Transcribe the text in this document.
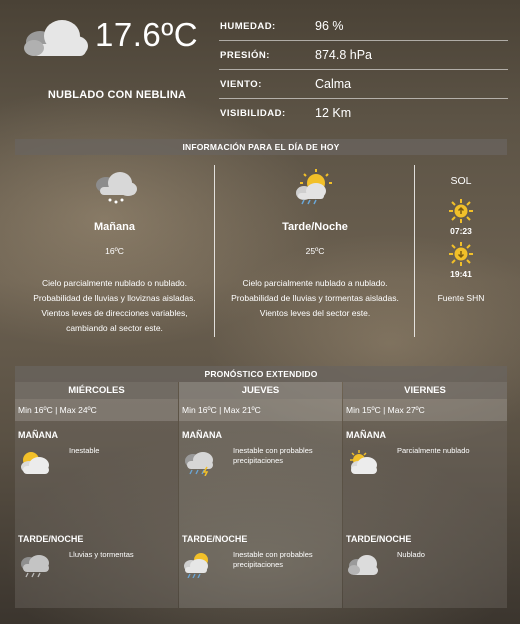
17.6ºC
NUBLADO CON NEBLINA
HUMEDAD:	96 %
PRESIÓN:	874.8 hPa
VIENTO:	Calma
VISIBILIDAD:	12 Km
INFORMACIÓN PARA EL DÍA DE HOY
Mañana
16ºC
Cielo parcialmente nublado o nublado. Probabilidad de lluvias y lloviznas aisladas. Vientos leves de direcciones variables, cambiando al sector este.
Tarde/Noche
25ºC
Cielo parcialmente nublado a nublado. Probabilidad de lluvias y tormentas aisladas. Vientos leves del sector este.
SOL
07:23
19:41
Fuente SHN
PRONÓSTICO EXTENDIDO
MIÉRCOLES
Min 16ºC | Max 24ºC
MAÑANA
Inestable
TARDE/NOCHE
Lluvias y tormentas
JUEVES
Min 16ºC | Max 21ºC
MAÑANA
Inestable con probables precipitaciones
TARDE/NOCHE
Inestable con probables precipitaciones
VIERNES
Min 15ºC | Max 27ºC
MAÑANA
Parcialmente nublado
TARDE/NOCHE
Nublado
